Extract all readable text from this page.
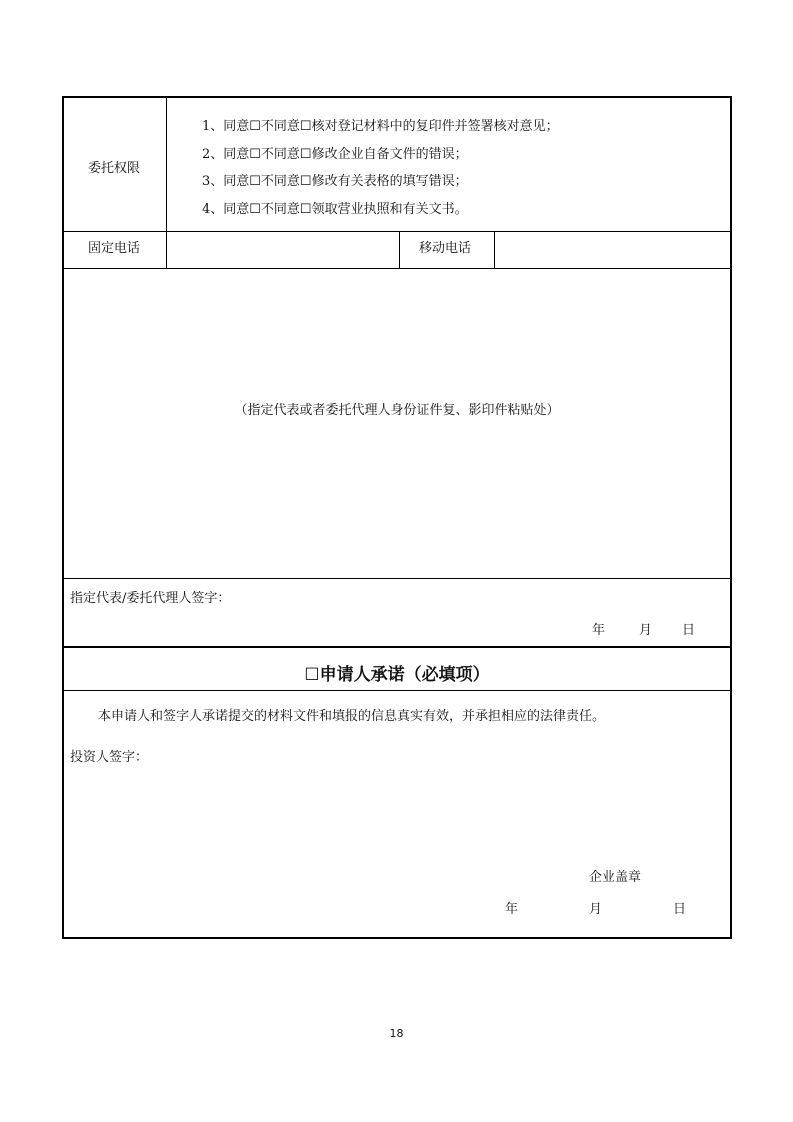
委托权限
1、同意☐不同意☐核对登记材料中的复印件并签署核对意见；
2、同意☐不同意☐修改企业自备文件的错误；
3、同意☐不同意☐修改有关表格的填写错误；
4、同意☐不同意☐领取营业执照和有关文书。
固定电话	移动电话
（指定代表或者委托代理人身份证件复、影印件粘贴处）
指定代表/委托代理人签字：
年	月 日
☐申请人承诺（必填项）
本申请人和签字人承诺提交的材料文件和填报的信息真实有效，并承担相应的法律责任。
投资人签字：
企业盖章
年	月	日
18
